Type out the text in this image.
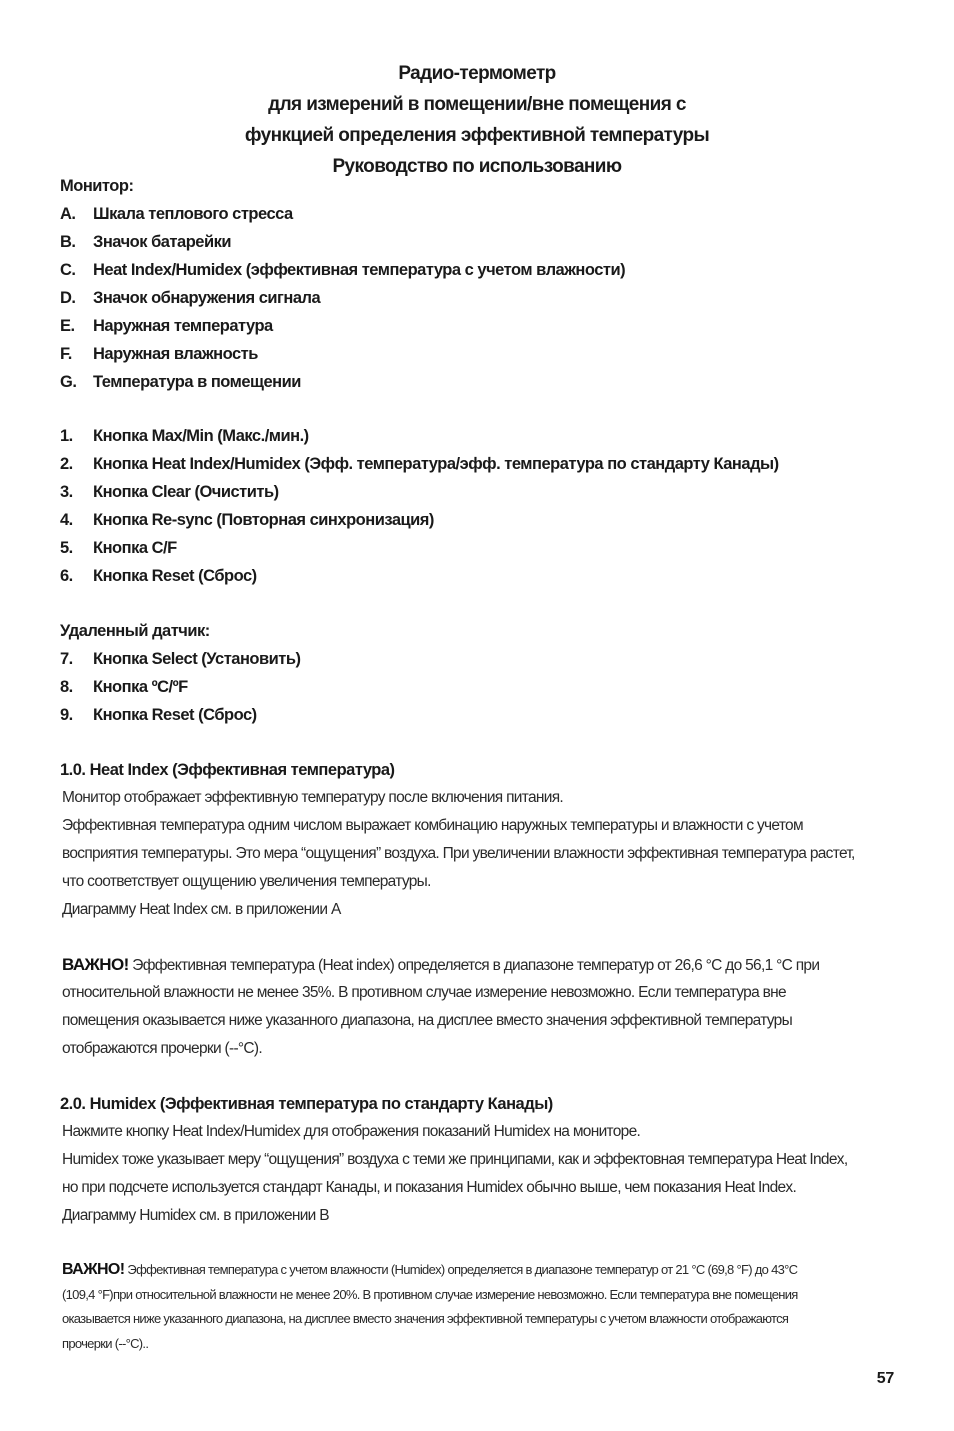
Радио-термометр
для измерений в помещении/вне помещения с
функцией определения эффективной температуры
Руководство по использованию
Монитор:
A.	Шкала теплового стресса
B.	Значок батарейки
C.	Heat Index/Humidex (эффективная температура с учетом влажности)
D.	Значок обнаружения сигнала
E.	Наружная температура
F.	Наружная влажность
G.	Температура в помещении
1.	Кнопка Max/Min (Макс./мин.)
2.	Кнопка Heat Index/Humidex (Эфф. температура/эфф. температура по стандарту Канады)
3.	Кнопка Clear (Очистить)
4.	Кнопка Re-sync (Повторная синхронизация)
5.	Кнопка C/F
6.	Кнопка Reset (Сброс)
Удаленный датчик:
7.	Кнопка Select (Установить)
8.	Кнопка ºC/ºF
9.	Кнопка Reset (Сброс)
1.0. Heat Index (Эффективная температура)
Монитор отображает эффективную температуру после включения питания.
Эффективная температура одним числом выражает комбинацию наружных температуры и влажности с учетом
восприятия температуры. Это мера “ощущения” воздуха. При увеличении влажности эффективная температура растет,
что соответствует ощущению увеличения температуры.
Диаграмму Heat Index см. в приложении A
ВАЖНО! Эффективная температура (Heat index) определяется в диапазоне температур от 26,6 °C до 56,1 °C при
относительной влажности не менее 35%. В противном случае измерение невозможно. Если температура вне
помещения оказывается ниже указанного диапазона, на дисплее вместо значения эффективной температуры
отображаются прочерки (--°C).
2.0. Humidex (Эффективная температура по стандарту Канады)
Нажмите кнопку Heat Index/Humidex для отображения показаний Humidex на мониторе.
Humidex тоже указывает меру “ощущения” воздуха с теми же принципами, как и эффектовная температура Heat Index,
но при подсчете используется стандарт Канады, и показания Humidex обычно выше, чем показания Heat Index.
Диаграмму Humidex см. в приложении B
ВАЖНО! Эффективная температура с учетом влажности (Humidex) определяется в диапазоне температур от 21 °C (69,8 °F) до 43°C
(109,4 °F)при относительной влажности не менее 20%. В противном случае измерение невозможно. Если температура вне помещения
оказывается ниже указанного диапазона, на дисплее вместо значения эффективной температуры с учетом влажности отображаются
прочерки (--°C)..
57
